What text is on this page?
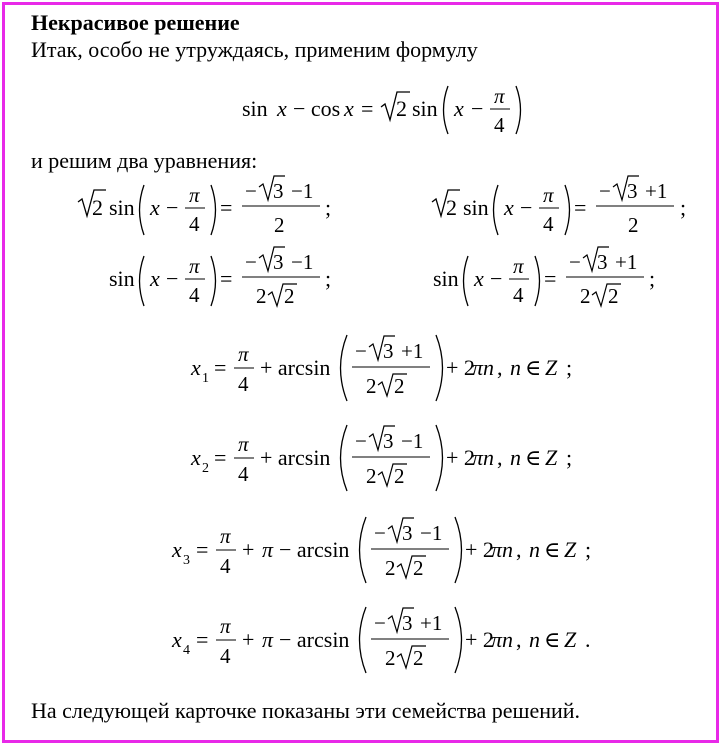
Некрасивое решение
Итак, особо не утруждаясь, применим формулу
и решим два уравнения:
На следующей карточке показаны эти семейства решений.
sin x − cos x = 2 sin x − π
4
2 sin x − π
4
=
− 3 −1
2
;	2 sin x − π
4
=
− 3 +1
2
;
sin x − π
4
=
− 3 −1
2 2
;	sin x − π
4
=
− 3 +1
2 2
;
x 1 =
π
4
+ arcsin
− 3 +1
2 2
+ 2
πn , n ∈ Z ;
x 2 =
π
4
+ arcsin
− 3 −1
2 2
+ 2
πn , n ∈ Z ;
x 3 =
π
4
+ π − arcsin
− 3 −1
2 2
+ 2
πn , n ∈ Z ;
x 4 =
π
4
+ π − arcsin
− 3 +1
2 2
+ 2
πn , n ∈ Z .
